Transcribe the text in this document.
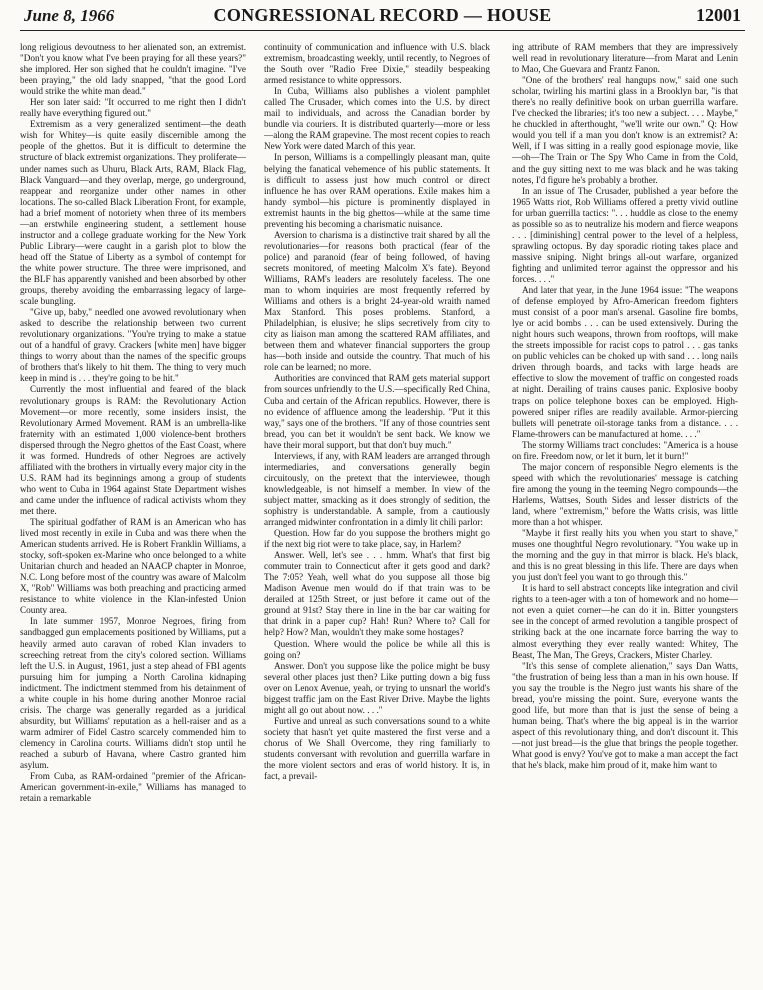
June 8, 1966	CONGRESSIONAL RECORD — HOUSE	12001

long religious devoutness to her alienated son, an extremist. "Don't you know what I've been praying for all these years?" she implored. Her son sighed that he couldn't imagine. "I've been praying," the old lady snapped, "that the good Lord would strike the white man dead."

Her son later said: "It occurred to me right then I didn't really have everything figured out."

Extremism as a very generalized sentiment—the death wish for Whitey—is quite easily discernible among the people of the ghettos. But it is difficult to determine the structure of black extremist organizations. They proliferate—under names such as Uhuru, Black Arts, RAM, Black Flag, Black Vanguard—and they overlap, merge, go underground, reappear and reorganize under other names in other locations. The so-called Black Liberation Front, for example, had a brief moment of notoriety when three of its members—an erstwhile engineering student, a settlement house instructor and a college graduate working for the New York Public Library—were caught in a garish plot to blow the head off the Statue of Liberty as a symbol of contempt for the white power structure. The three were imprisoned, and the BLF has apparently vanished and been absorbed by other groups, thereby avoiding the embarrassing legacy of large-scale bungling.

"Give up, baby," needled one avowed revolutionary when asked to describe the relationship between two current revolutionary organizations. "You're trying to make a statue out of a handful of gravy. Crackers [white men] have bigger things to worry about than the names of the specific groups of brothers that's likely to hit them. The thing to very much keep in mind is . . . they're going to be hit."

Currently the most influential and feared of the black revolutionary groups is RAM: the Revolutionary Action Movement—or more recently, some insiders insist, the Revolutionary Armed Movement. RAM is an umbrella-like fraternity with an estimated 1,000 violence-bent brothers dispersed through the Negro ghettos of the East Coast, where it was formed. Hundreds of other Negroes are actively affiliated with the brothers in virtually every major city in the U.S. RAM had its beginnings among a group of students who went to Cuba in 1964 against State Department wishes and came under the influence of radical activists whom they met there.

The spiritual godfather of RAM is an American who has lived most recently in exile in Cuba and was there when the American students arrived. He is Robert Franklin Williams, a stocky, soft-spoken ex-Marine who once belonged to a white Unitarian church and headed an NAACP chapter in Monroe, N.C. Long before most of the country was aware of Malcolm X, "Rob" Williams was both preaching and practicing armed resistance to white violence in the Klan-infested Union County area.

In late summer 1957, Monroe Negroes, firing from sandbagged gun emplacements positioned by Williams, put a heavily armed auto caravan of robed Klan invaders to screeching retreat from the city's colored section. Williams left the U.S. in August, 1961, just a step ahead of FBI agents pursuing him for jumping a North Carolina kidnaping indictment. The indictment stemmed from his detainment of a white couple in his home during another Monroe racial crisis. The charge was generally regarded as a juridical absurdity, but Williams' reputation as a hell-raiser and as a warm admirer of Fidel Castro scarcely commended him to clemency in Carolina courts. Williams didn't stop until he reached a suburb of Havana, where Castro granted him asylum.

From Cuba, as RAM-ordained "premier of the African-American government-in-exile," Williams has managed to retain a remarkable

continuity of communication and influence with U.S. black extremism, broadcasting weekly, until recently, to Negroes of the South over "Radio Free Dixie," steadily bespeaking armed resistance to white oppressors.

In Cuba, Williams also publishes a violent pamphlet called The Crusader, which comes into the U.S. by direct mail to individuals, and across the Canadian border by bundle via couriers. It is distributed quarterly—more or less—along the RAM grapevine. The most recent copies to reach New York were dated March of this year.

In person, Williams is a compellingly pleasant man, quite belying the fanatical vehemence of his public statements. It is difficult to assess just how much control or direct influence he has over RAM operations. Exile makes him a handy symbol—his picture is prominently displayed in extremist haunts in the big ghettos—while at the same time preventing his becoming a charismatic nuisance.

Aversion to charisma is a distinctive trait shared by all the revolutionaries—for reasons both practical (fear of the police) and paranoid (fear of being followed, of having secrets monitored, of meeting Malcolm X's fate). Beyond Williams, RAM's leaders are resolutely faceless. The one man to whom inquiries are most frequently referred by Williams and others is a bright 24-year-old wraith named Max Stanford. This poses problems. Stanford, a Philadelphian, is elusive; he slips secretively from city to city as liaison man among the scattered RAM affiliates, and between them and whatever financial supporters the group has—both inside and outside the country. That much of his role can be learned; no more.

Authorities are convinced that RAM gets material support from sources unfriendly to the U.S.—specifically Red China, Cuba and certain of the African republics. However, there is no evidence of affluence among the leadership. "Put it this way," says one of the brothers. "If any of those countries sent bread, you can bet it wouldn't be sent back. We know we have their moral support, but that don't buy much."

Interviews, if any, with RAM leaders are arranged through intermediaries, and conversations generally begin circuitously, on the pretext that the interviewee, though knowledgeable, is not himself a member. In view of the subject matter, smacking as it does strongly of sedition, the sophistry is understandable. A sample, from a cautiously arranged midwinter confrontation in a dimly lit chili parlor:

Question. How far do you suppose the brothers might go if the next big riot were to take place, say, in Harlem?

Answer. Well, let's see . . . hmm. What's that first big commuter train to Connecticut after it gets good and dark? The 7:05? Yeah, well what do you suppose all those big Madison Avenue men would do if that train was to be derailed at 125th Street, or just before it came out of the ground at 91st? Stay there in line in the bar car waiting for that drink in a paper cup? Hah! Run? Where to? Call for help? How? Man, wouldn't they make some hostages?

Question. Where would the police be while all this is going on?

Answer. Don't you suppose like the police might be busy several other places just then? Like putting down a big fuss over on Lenox Avenue, yeah, or trying to unsnarl the world's biggest traffic jam on the East River Drive. Maybe the lights might all go out about now. . . ."

Furtive and unreal as such conversations sound to a white society that hasn't yet quite mastered the first verse and a chorus of We Shall Overcome, they ring familiarly to students conversant with revolution and guerrilla warfare in the more violent sectors and eras of world history. It is, in fact, a prevail-

ing attribute of RAM members that they are impressively well read in revolutionary literature—from Marat and Lenin to Mao, Che Guevara and Frantz Fanon.

"One of the brothers' real hangups now," said one such scholar, twirling his martini glass in a Brooklyn bar, "is that there's no really definitive book on urban guerrilla warfare. I've checked the libraries; it's too new a subject. . . . Maybe," he chuckled in afterthought, "we'll write our own." Q: How would you tell if a man you don't know is an extremist? A: Well, if I was sitting in a really good espionage movie, like—oh—The Train or The Spy Who Came in from the Cold, and the guy sitting next to me was black and he was taking notes, I'd figure he's probably a brother.

In an issue of The Crusader, published a year before the 1965 Watts riot, Rob Williams offered a pretty vivid outline for urban guerrilla tactics: ". . . huddle as close to the enemy as possible so as to neutralize his modern and fierce weapons . . . [diminishing] central power to the level of a helpless, sprawling octopus. By day sporadic rioting takes place and massive sniping. Night brings all-out warfare, organized fighting and unlimited terror against the oppressor and his forces. . . ."

And later that year, in the June 1964 issue: "The weapons of defense employed by Afro-American freedom fighters must consist of a poor man's arsenal. Gasoline fire bombs, lye or acid bombs . . . can be used extensively. During the night hours such weapons, thrown from rooftops, will make the streets impossible for racist cops to patrol . . . gas tanks on public vehicles can be choked up with sand . . . long nails driven through boards, and tacks with large heads are effective to slow the movement of traffic on congested roads at night. Derailing of trains causes panic. Explosive booby traps on police telephone boxes can be employed. High-powered sniper rifles are readily available. Armor-piercing bullets will penetrate oil-storage tanks from a distance. . . . Flame-throwers can be manufactured at home. . . ."

The stormy Williams tract concludes: "America is a house on fire. Freedom now, or let it burn, let it burn!"

The major concern of responsible Negro elements is the speed with which the revolutionaries' message is catching fire among the young in the teeming Negro compounds—the Harlems, Wattses, South Sides and lesser districts of the land, where "extremism," before the Watts crisis, was little more than a hot whisper.

"Maybe it first really hits you when you start to shave," muses one thoughtful Negro revolutionary. "You wake up in the morning and the guy in that mirror is black. He's black, and this is no great blessing in this life. There are days when you just don't feel you want to go through this."

It is hard to sell abstract concepts like integration and civil rights to a teen-ager with a ton of homework and no home—not even a quiet corner—he can do it in. Bitter youngsters see in the concept of armed revolution a tangible prospect of striking back at the one incarnate force barring the way to almost everything they ever really wanted: Whitey, The Beast, The Man, The Greys, Crackers, Mister Charley.

"It's this sense of complete alienation," says Dan Watts, "the frustration of being less than a man in his own house. If you say the trouble is the Negro just wants his share of the bread, you're missing the point. Sure, everyone wants the good life, but more than that is just the sense of being a human being. That's where the big appeal is in the warrior aspect of this revolutionary thing, and don't discount it. This—not just bread—is the glue that brings the people together. What good is envy? You've got to make a man accept the fact that he's black, make him proud of it, make him want to
